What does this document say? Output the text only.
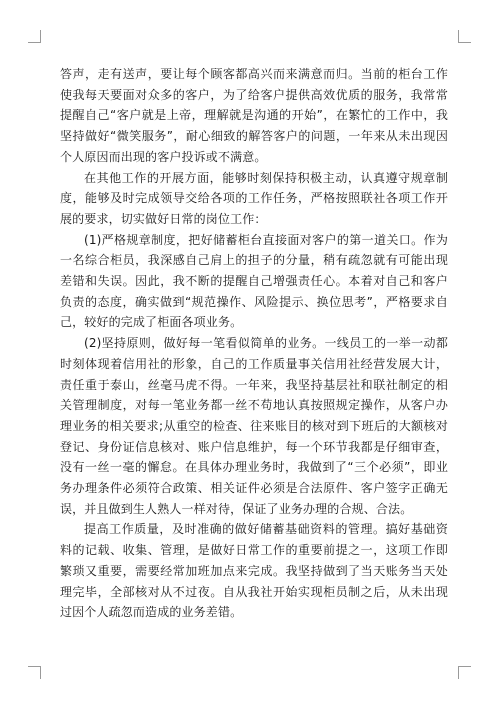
答声，走有送声，要让每个顾客都高兴而来满意而归。当前的柜台工作使我每天要面对众多的客户，为了给客户提供高效优质的服务，我常常提醒自己“客户就是上帝，理解就是沟通的开始”，在繁忙的工作中，我坚持做好“微笑服务”，耐心细致的解答客户的问题，一年来从未出现因个人原因而出现的客户投诉或不满意。

在其他工作的开展方面，能够时刻保持积极主动，认真遵守规章制度，能够及时完成领导交给各项的工作任务，严格按照联社各项工作开展的要求，切实做好日常的岗位工作：

(1)严格规章制度，把好储蓄柜台直接面对客户的第一道关口。作为一名综合柜员，我深感自己肩上的担子的分量，稍有疏忽就有可能出现差错和失误。因此，我不断的提醒自己增强责任心。本着对自己和客户负责的态度，确实做到“规范操作、风险提示、换位思考”，严格要求自己，较好的完成了柜面各项业务。

(2)坚持原则，做好每一笔看似简单的业务。一线员工的一举一动都时刻体现着信用社的形象，自己的工作质量事关信用社经营发展大计，责任重于泰山，丝毫马虎不得。一年来，我坚持基层社和联社制定的相关管理制度，对每一笔业务都一丝不苟地认真按照规定操作，从客户办理业务的相关要求;从重空的检查、往来账目的核对到下班后的大额核对登记、身份证信息核对、账户信息维护，每一个环节我都是仔细审查，没有一丝一毫的懈怠。在具体办理业务时，我做到了“三个必须”，即业务办理条件必须符合政策、相关证件必须是合法原件、客户签字正确无误，并且做到生人熟人一样对待，保证了业务办理的合规、合法。

提高工作质量，及时准确的做好储蓄基础资料的管理。搞好基础资料的记载、收集、管理，是做好日常工作的重要前提之一，这项工作即繁琐又重要，需要经常加班加点来完成。我坚持做到了当天账务当天处理完毕，全部核对从不过夜。自从我社开始实现柜员制之后，从未出现过因个人疏忽而造成的业务差错。
